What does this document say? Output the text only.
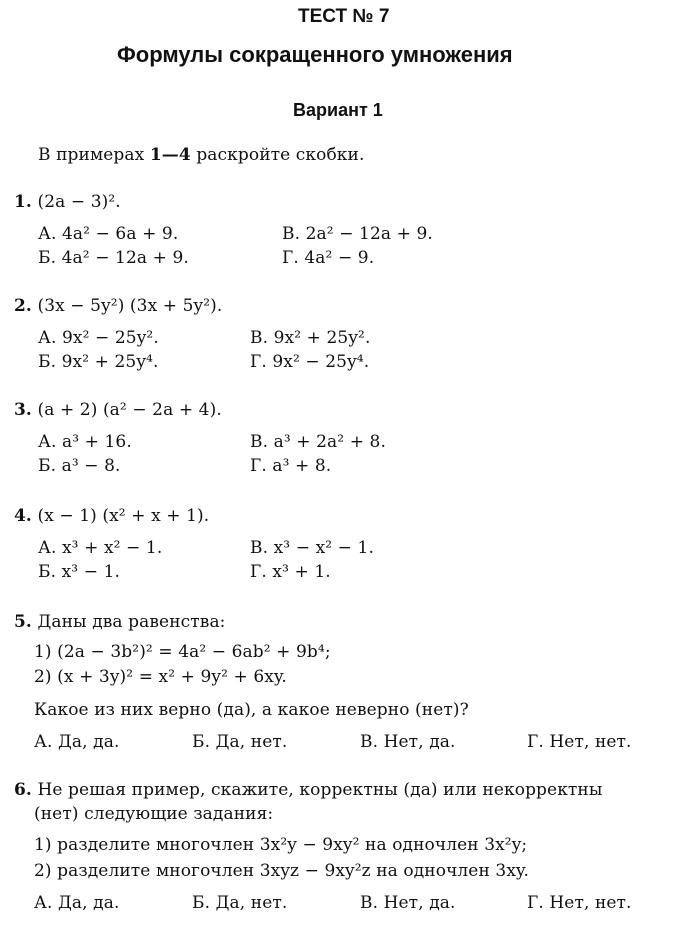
ТЕСТ № 7
Формулы сокращенного умножения
Вариант 1
В примерах 1—4 раскройте скобки.
1. (2a − 3)².
А. 4a² − 6a + 9.
Б. 4a² − 12a + 9.
В. 2a² − 12a + 9.
Г. 4a² − 9.
2. (3x − 5y²) (3x + 5y²).
А. 9x² − 25y².
Б. 9x² + 25y⁴.
В. 9x² + 25y².
Г. 9x² − 25y⁴.
3. (a + 2) (a² − 2a + 4).
А. a³ + 16.
Б. a³ − 8.
В. a³ + 2a² + 8.
Г. a³ + 8.
4. (x − 1) (x² + x + 1).
А. x³ + x² − 1.
Б. x³ − 1.
В. x³ − x² − 1.
Г. x³ + 1.
5. Даны два равенства:
1) (2a − 3b²)² = 4a² − 6ab² + 9b⁴;
2) (x + 3y)² = x² + 9y² + 6xy.
Какое из них верно (да), а какое неверно (нет)?
А. Да, да.	Б. Да, нет.	В. Нет, да.	Г. Нет, нет.
6. Не решая пример, скажите, корректны (да) или некорректны
(нет) следующие задания:
1) разделите многочлен 3x²y − 9xy² на одночлен 3x²y;
2) разделите многочлен 3xyz − 9xy²z на одночлен 3xy.
А. Да, да.	Б. Да, нет.	В. Нет, да.	Г. Нет, нет.
